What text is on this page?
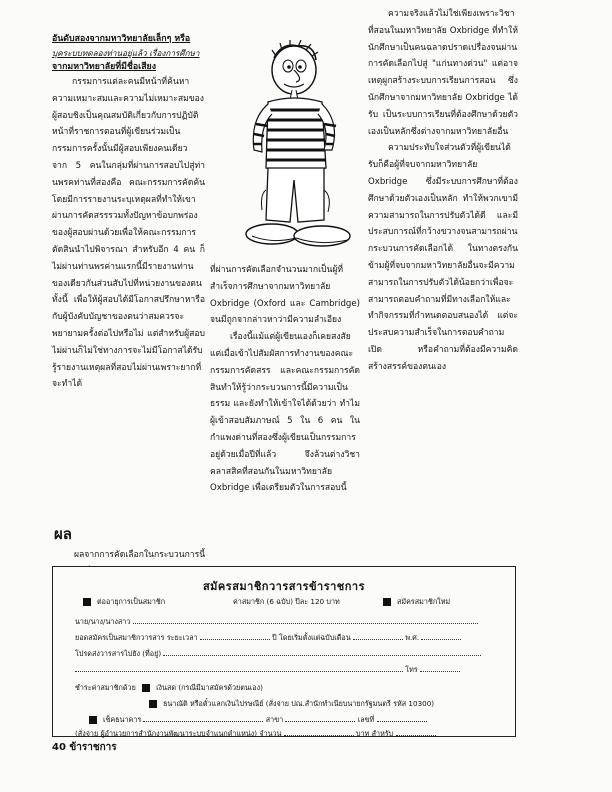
อันดับสองจากมหาวิทยาลัยเล็กๆ หรือ
บุคระบบทดลองท่านอยู่แล้ว เรื่องการศึกษา
จากมหาวิทยาลัยที่มีชื่อเสียง

กรรมการแต่ละคนมีหน้าที่ค้นหาความเหมาะสมและความไม่เหมาะสมของผู้สอบชิงเป็นคุณสมบัติเกี่ยวกับการปฏิบัติหน้าที่ราชการตอนที่ผู้เขียนร่วมเป็นกรรมการครั้งนั้นมีผู้สอบเพียงคนเดียว จาก 5 คนในกลุ่มที่ผ่านการสอบไปสู่ท่านพรคท่านที่สองคือ คณะกรรมการคัดค้น โดยมีการรายงานระบุเหตุผลที่ทำให้เขาผ่านการคัดสรรรวมทั้งปัญหาข้อบกพร่องของผู้สอบผ่านด้วยเพื่อให้คณะกรรมการตัดสินนำไปพิจารณา สำหรับอีก 4 คน ก็ไม่ผ่านท่านพรค่านแรกนี้มีรายงานท่านของเดียวกันส่วนสับไปที่หน่วยงานของตน ทั้งนี้ เพื่อให้ผู้สอบได้มีโอกาสปรึกษาหารือกับผู้บังคับบัญชาของตนว่าสมควรจะพยายามครั้งต่อไปหรือไม่ แต่สำหรับผู้สอบไม่ผ่านก็ไม่ใช่ทางการจะไม่มีโอกาสได้รับรู้รายงานเหตุผลที่สอบไม่ผ่านเพราะยากที่จะทำได้

ผล

ผลจากการคัดเลือกในกระบวนการนี้

ที่ผ่านการคัดเลือกจำนวนมากเป็นผู้ที่สำเร็จการศึกษาจากมหาวิทยาลัย Oxbridge (Oxford และ Cambridge) จนมีถูกจากล่าวหาว่ามีความลำเอียง

เรื่องนี้แม้แต่ผู้เขียนเองก็เคยสงสัย แต่เมื่อเข้าไปสัมผัสการทำงานของคณะกรรมการคัดสรร และคณะกรรมการคัดสินทำให้รู้ว่ากระบวนการนี้มีความเป็นธรรม และยังทำให้เข้าใจได้ด้วยว่า ทำไมผู้เข้าสอบสัมภาษณ์ 5 ใน 6 คน ในกำแพงด่านที่สองซึ่งผู้เขียนเป็นกรรมการอยู่ด้วยเมื่อปีที่แล้ว จึงล้วนต่างวิชาคลาสสิคที่สอนกันในมหาวิทยาลัย Oxbridge เพื่อเตรียมตัวในการสอบนี้

ความจริงแล้วไม่ใช่เพียงเพราะวิชาที่สอนในมหาวิทยาลัย Oxbridge ที่ทำให้นักศึกษาเป็นคนฉลาดปราดเปรื่องจนผ่านการคัดเลือกไปสู่ "แก่นทางด่วน" แต่อาจเหตุผูกสร้างระบบการเรียนการสอน ซึ่งนักศึกษาจากมหาวิทยาลัย Oxbridge ได้รับ เป็นระบบการเรียนที่ต้องศึกษาด้วยตัวเองเป็นหลักซึ่งต่างจากมหาวิทยาลัยอื่น

ความประทับใจส่วนตัวที่ผู้เขียนได้รับก็คือผู้ที่จบจากมหาวิทยาลัย Oxbridge ซึ่งมีระบบการศึกษาที่ต้องศึกษาด้วยตัวเองเป็นหลัก ทำให้พวกเขามีความสามารถในการปรับตัวได้ดี และมีประสบการณ์ที่กว้างขวางจนสามารถผ่านกระบวนการคัดเลือกได้ ในทางตรงกันข้ามผู้ที่จบจากมหาวิทยาลัยอื่นจะมีความสามารถในการปรับตัวได้น้อยกว่าเพื่อจะสามารถตอบคำถามที่มีทางเลือกให้และทำกิจกรรมที่กำหนดตอบสนองได้ แต่จะประสบความสำเร็จในการตอบคำถามเปิด หรือคำถามที่ต้องมีความคิดสร้างสรรค์ของตนเอง

สมัครสมาชิกวารสารข้าราชการ
ต่ออายุการเป็นสมาชิก	ค่าสมาชิก (6 ฉบับ) ปีละ 120 บาท	สมัครสมาชิกใหม่
นาย/นาง/นางสาว
ยอดสมัครเป็นสมาชิกวารสาร ระยะเวลา	ปี โดยเริ่มตั้งแต่ฉบับเดือน	พ.ศ.
โปรดส่งวารสารไปยัง (ที่อยู่)
โทร
ชำระค่าสมาชิกด้วย	เงินสด (กรณีมีมาสมัครด้วยตนเอง)
ธนาณัติ หรือตั๋วแลกเงินไปรษณีย์ (สั่งจ่าย ปณ.สำนักทำเนียบนายกรัฐมนตรี รหัส 10300)
เช็คธนาคาร	สาขา	เลขที่
(สั่งจ่าย ผู้อำนวยการสำนักงานพัฒนาระบบจำแนกตำแหน่ง) จำนวน	บาท สำหรับ
40 ข้าราชการ
